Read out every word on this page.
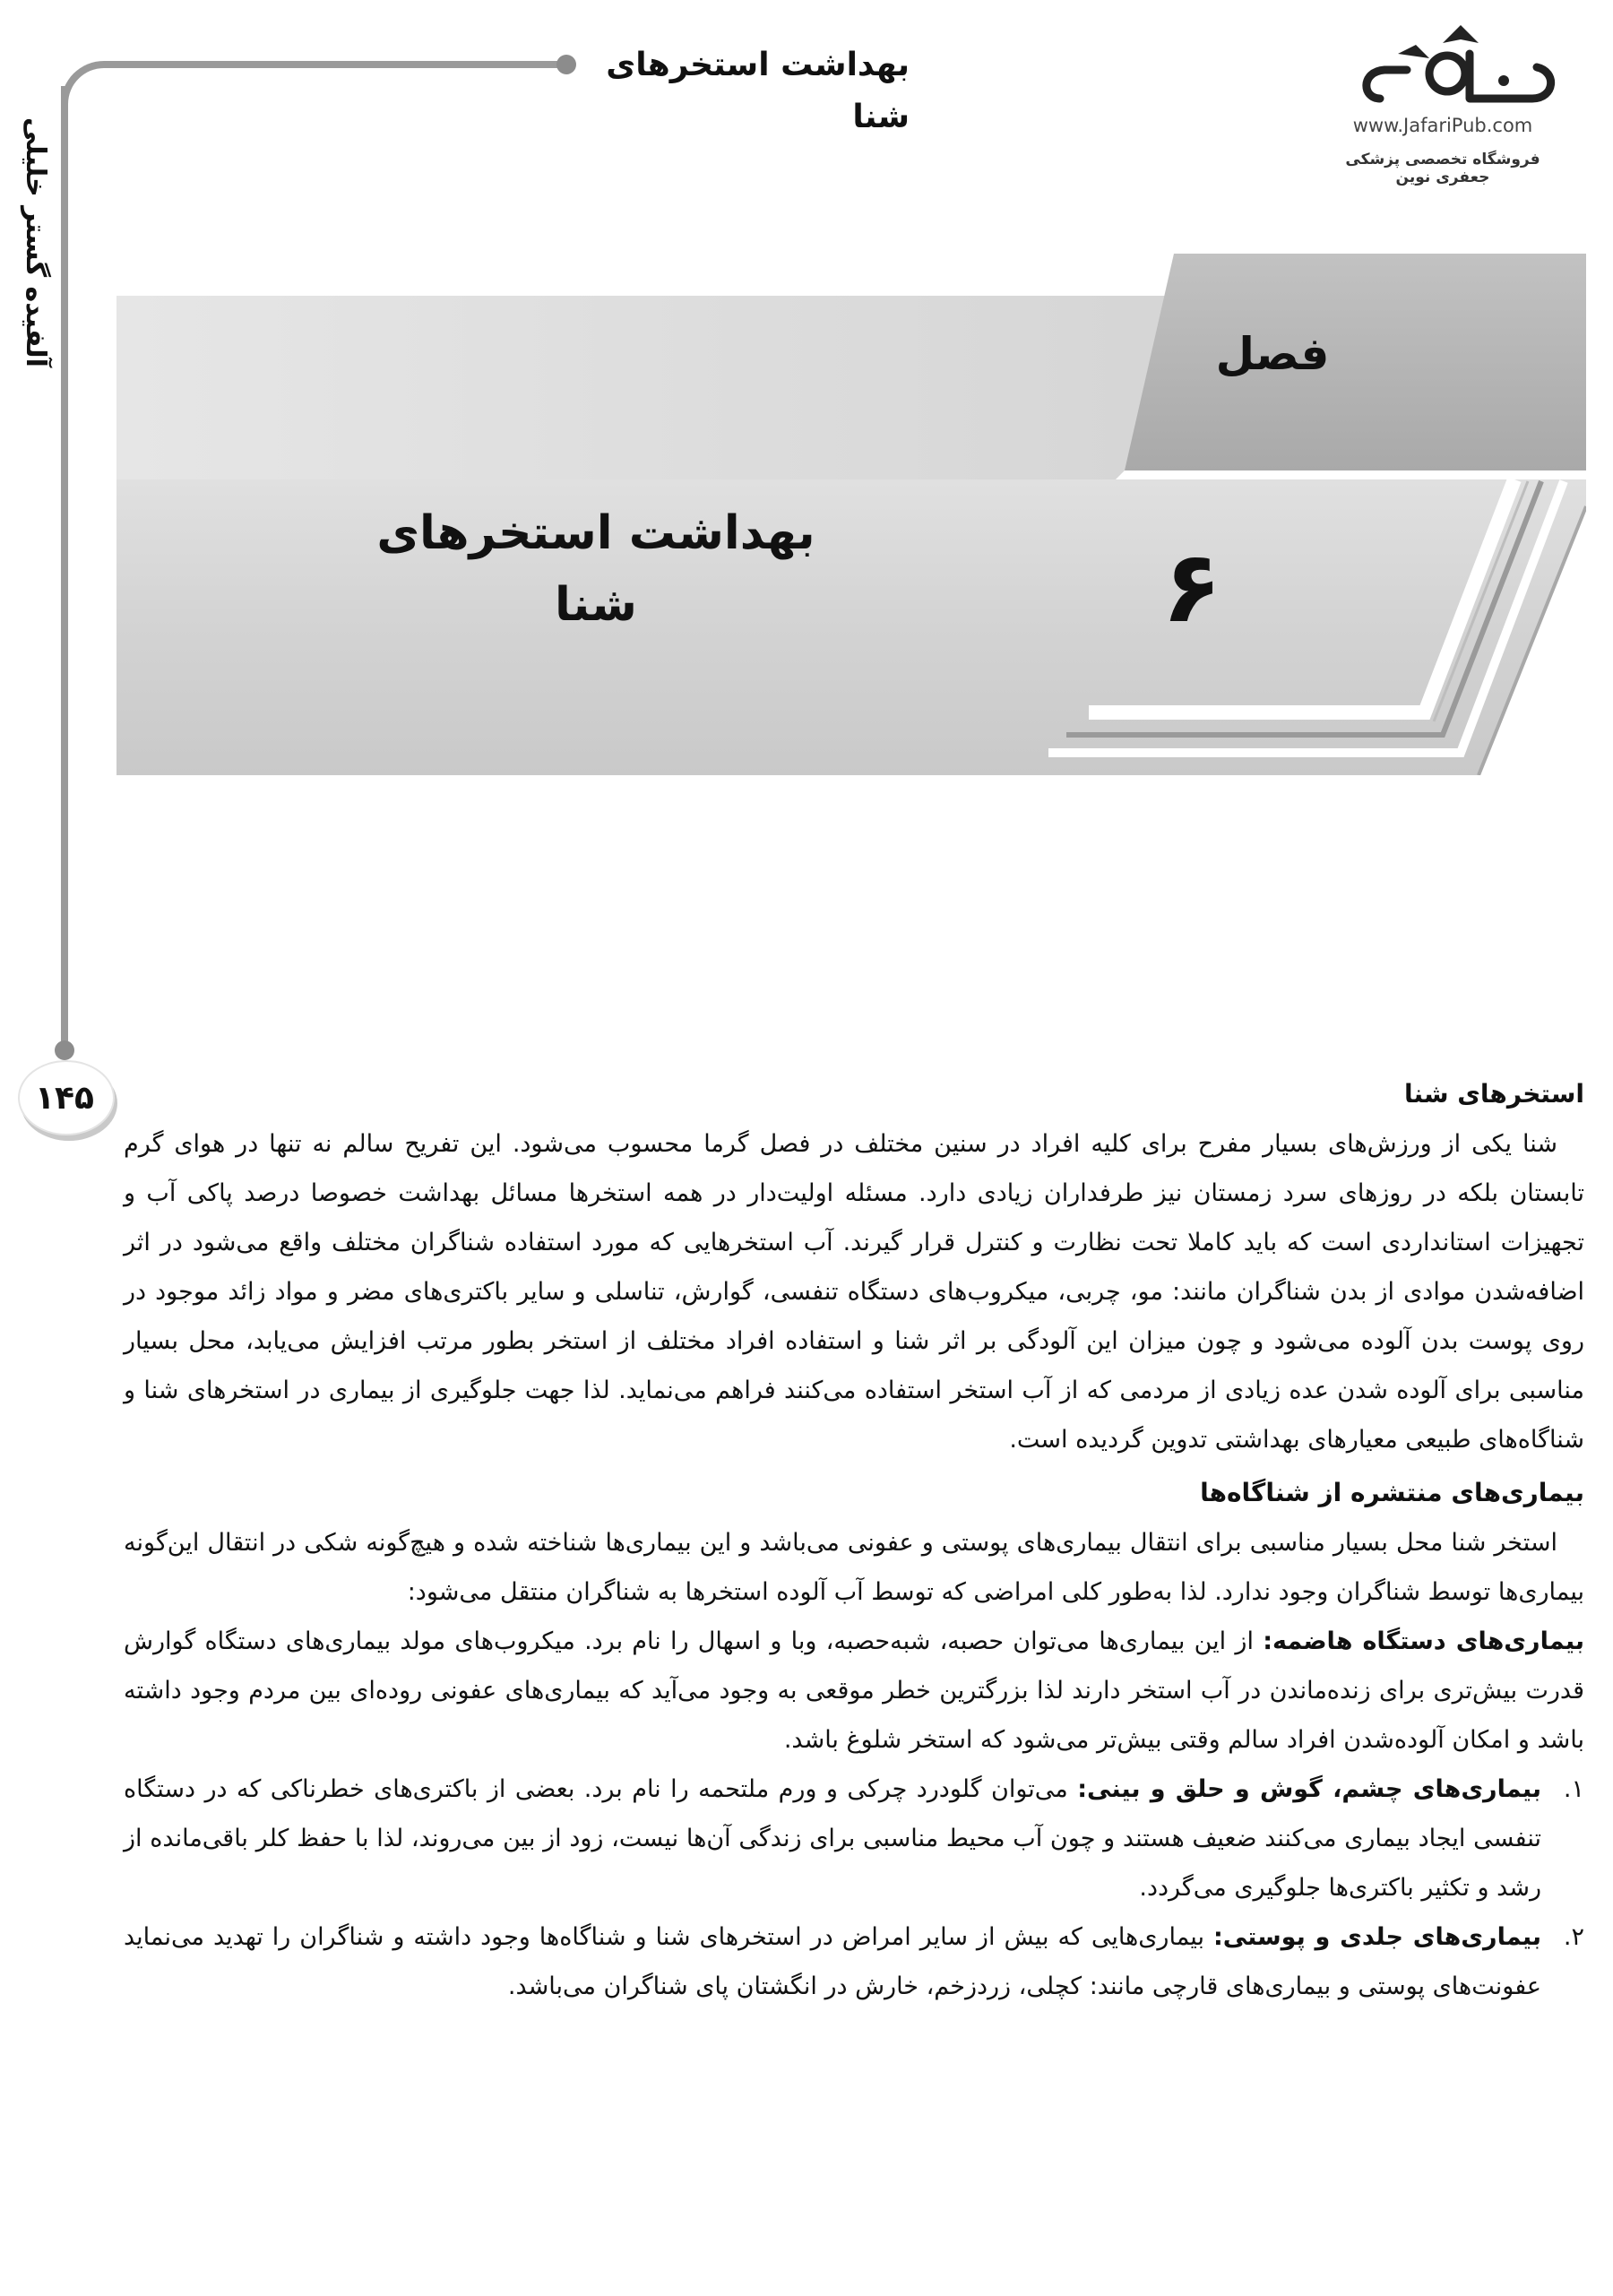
بهداشت استخرهای شنا
آلفیده گستر خلیلی	www.JafariPub.com
فروشگاه تخصصی پزشکی جعفری نوین
فصل
۶
بهداشت استخرهای شنا
۱۴۵	استخرهای شنا

شنا یکی از ورزش‌های بسیار مفرح برای کلیه افراد در سنین مختلف در فصل گرما محسوب می‌شود. این تفریح سالم نه تنها در هوای گرم تابستان بلکه در روزهای سرد زمستان نیز طرفداران زیادی دارد. مسئله اولیت‌دار در همه استخرها مسائل بهداشت خصوصا درصد پاکی آب و تجهیزات استانداردی است که باید کاملا تحت نظارت و کنترل قرار گیرند. آب استخرهایی که مورد استفاده شناگران مختلف واقع می‌شود در اثر اضافه‌شدن موادی از بدن شناگران مانند: مو، چربی، میکروب‌های دستگاه تنفسی، گوارش، تناسلی و سایر باکتری‌های مضر و مواد زائد موجود در روی پوست بدن آلوده می‌شود و چون میزان این آلودگی بر اثر شنا و استفاده افراد مختلف از استخر بطور مرتب افزایش می‌یابد، محل بسیار مناسبی برای آلوده شدن عده زیادی از مردمی که از آب استخر استفاده می‌کنند فراهم می‌نماید. لذا جهت جلوگیری از بیماری در استخرهای شنا و شناگاه‌های طبیعی معیارهای بهداشتی تدوین گردیده است.

بیماری‌های منتشره از شناگاه‌ها

استخر شنا محل بسیار مناسبی برای انتقال بیماری‌های پوستی و عفونی می‌باشد و این بیماری‌ها شناخته شده و هیچ‌گونه شکی در انتقال این‌گونه بیماری‌ها توسط شناگران وجود ندارد. لذا به‌طور کلی امراضی که توسط آب آلوده استخرها به شناگران منتقل می‌شود:

بیماری‌های دستگاه هاضمه: از این بیماری‌ها می‌توان حصبه، شبه‌حصبه، وبا و اسهال را نام برد. میکروب‌های مولد بیماری‌های دستگاه گوارش قدرت بیش‌تری برای زنده‌ماندن در آب استخر دارند لذا بزرگترین خطر موقعی به وجود می‌آید که بیماری‌های عفونی روده‌ای بین مردم وجود داشته باشد و امکان آلوده‌شدن افراد سالم وقتی بیش‌تر می‌شود که استخر شلوغ باشد.

۱.
بیماری‌های چشم، گوش و حلق و بینی: می‌توان گلودرد چرکی و ورم ملتحمه را نام برد. بعضی از باکتری‌های خطرناکی که در دستگاه تنفسی ایجاد بیماری می‌کنند ضعیف هستند و چون آب محیط مناسبی برای زندگی آن‌ها نیست، زود از بین می‌روند، لذا با حفظ کلر باقی‌مانده از رشد و تکثیر باکتری‌ها جلوگیری می‌گردد.
۲.
بیماری‌های جلدی و پوستی: بیماری‌هایی که بیش از سایر امراض در استخرهای شنا و شناگاه‌ها وجود داشته و شناگران را تهدید می‌نماید عفونت‌های پوستی و بیماری‌های قارچی مانند: کچلی، زردزخم، خارش در انگشتان پای شناگران می‌باشد.
